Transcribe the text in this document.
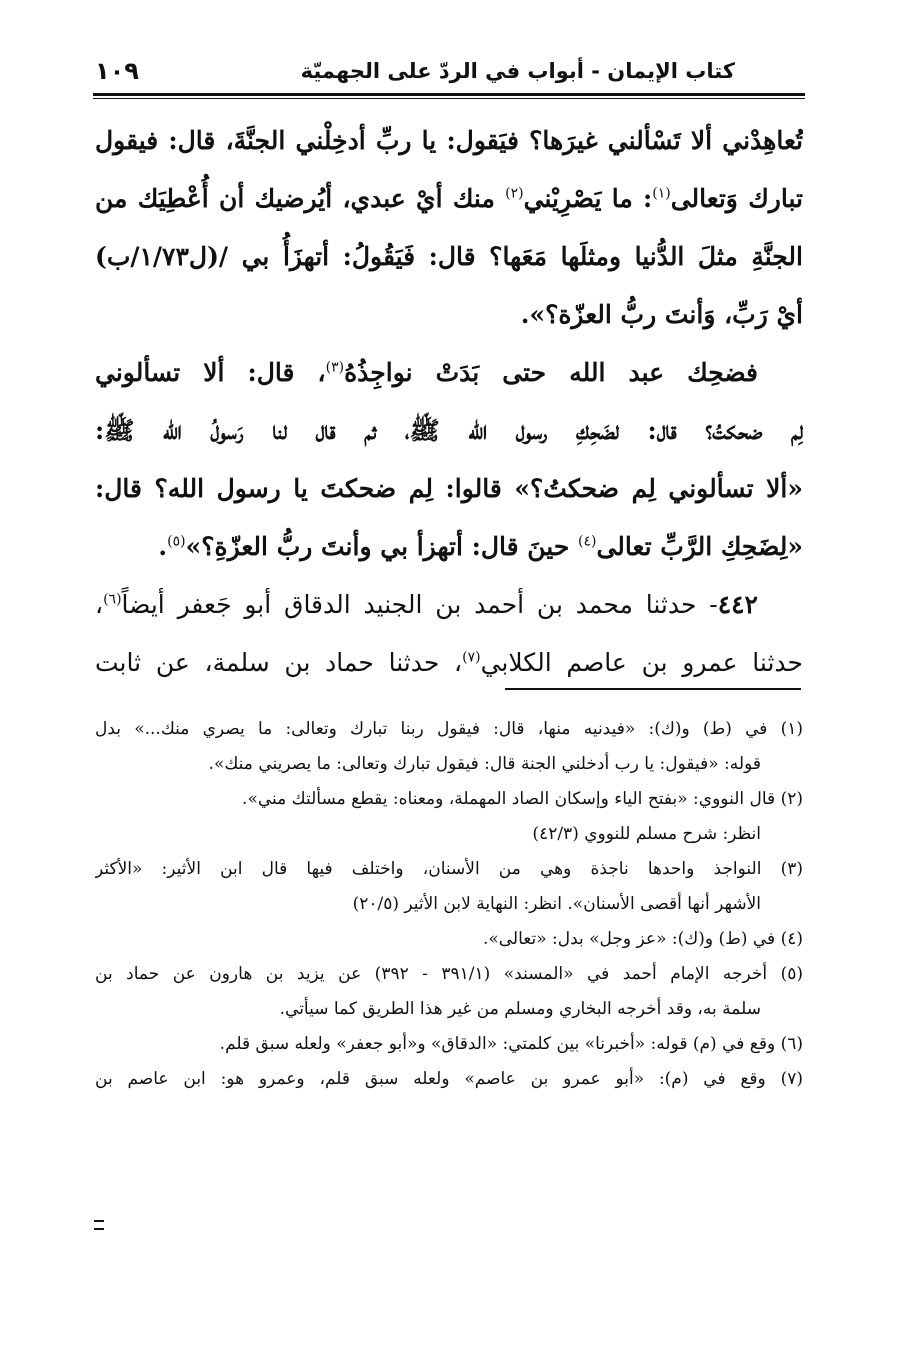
كتاب الإيمان - أبواب في الردّ على الجهميّة
١٠٩
تُعاهِدْني ألا تَسْألني غيرَها؟ فيَقول: يا ربِّ أدخِلْني الجنَّةَ، قال: فيقول
تبارك وَتعالى$^{(١)}$: ما يَصْرِيْني$^{(٢)}$ منك أيْ عبدي، أيُرضيك أن أُعْطِيَك من
الجنَّةِ مثلَ الدُّنيا ومثلَها مَعَها؟ قال: فَيَقُولُ: أتهزَأُ بي /(ل١/٧٣/ب)
أيْ رَبِّ، وَأنتَ ربُّ العزّة؟».
فضحِك عبد الله حتى بَدَتْ نواجِذُهُ$^{(٣)}$، قال: ألا تسألوني
لِم ضحكتُ؟ قال: لضَحِكِ رسول الله ﷺ، ثم قال لنا رَسولُ الله ﷺ:
«ألا تسألوني لِم ضحكتُ؟» قالوا: لِم ضحكتَ يا رسول الله؟ قال:
«لِضَحِكِ الرَّبِّ تعالى$^{(٤)}$ حينَ قال: أتهزأ بي وأنتَ ربُّ العزّةِ؟»$^{(٥)}$.
٤٤٢- حدثنا محمد بن أحمد بن الجنيد الدقاق أبو جَعفر أيضاً$^{(٦)}$،
حدثنا عمرو بن عاصم الكلابي$^{(٧)}$، حدثنا حماد بن سلمة، عن ثابت
(١) في (ط) و(ك): «فيدنيه منها، قال: فيقول ربنا تبارك وتعالى: ما يصري منك...» بدل
قوله: «فيقول: يا رب أدخلني الجنة قال: فيقول تبارك وتعالى: ما يصريني منك».
(٢) قال النووي: «بفتح الياء وإسكان الصاد المهملة، ومعناه: يقطع مسألتك مني».
انظر: شرح مسلم للنووي (٤٢/٣)
(٣) النواجذ واحدها ناجذة وهي من الأسنان، واختلف فيها قال ابن الأثير: «الأكثر
الأشهر أنها أقصى الأسنان». انظر: النهاية لابن الأثير (٢٠/٥)
(٤) في (ط) و(ك): «عز وجل» بدل: «تعالى».
(٥) أخرجه الإمام أحمد في «المسند» (٣٩١/١ - ٣٩٢) عن يزيد بن هارون عن حماد بن
سلمة به، وقد أخرجه البخاري ومسلم من غير هذا الطريق كما سيأتي.
(٦) وقع في (م) قوله: «أخبرنا» بين كلمتي: «الدقاق» و«أبو جعفر» ولعله سبق قلم.
(٧) وقع في (م): «أبو عمرو بن عاصم» ولعله سبق قلم، وعمرو هو: ابن عاصم بن
